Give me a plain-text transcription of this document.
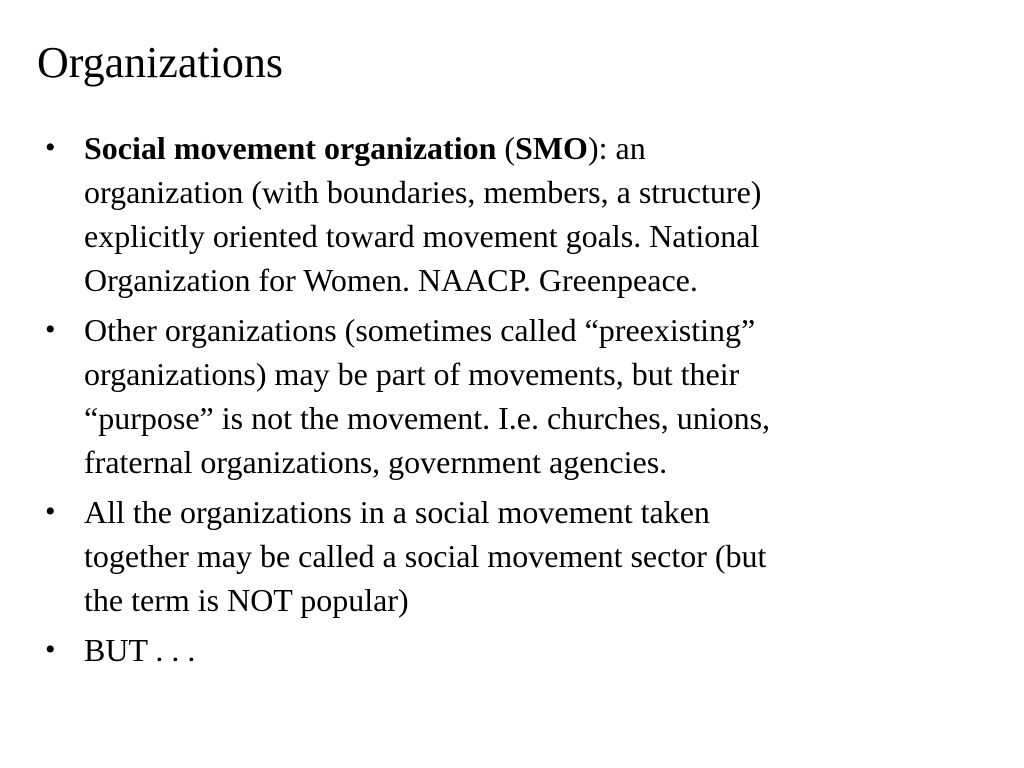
Organizations
• Social movement organization (SMO): an
organization (with boundaries, members, a structure)
explicitly oriented toward movement goals. National
Organization for Women. NAACP. Greenpeace.
• Other organizations (sometimes called “preexisting”
organizations) may be part of movements, but their
“purpose” is not the movement. I.e. churches, unions,
fraternal organizations, government agencies.
• All the organizations in a social movement taken
together may be called a social movement sector (but
the term is NOT popular)
• BUT . . .
